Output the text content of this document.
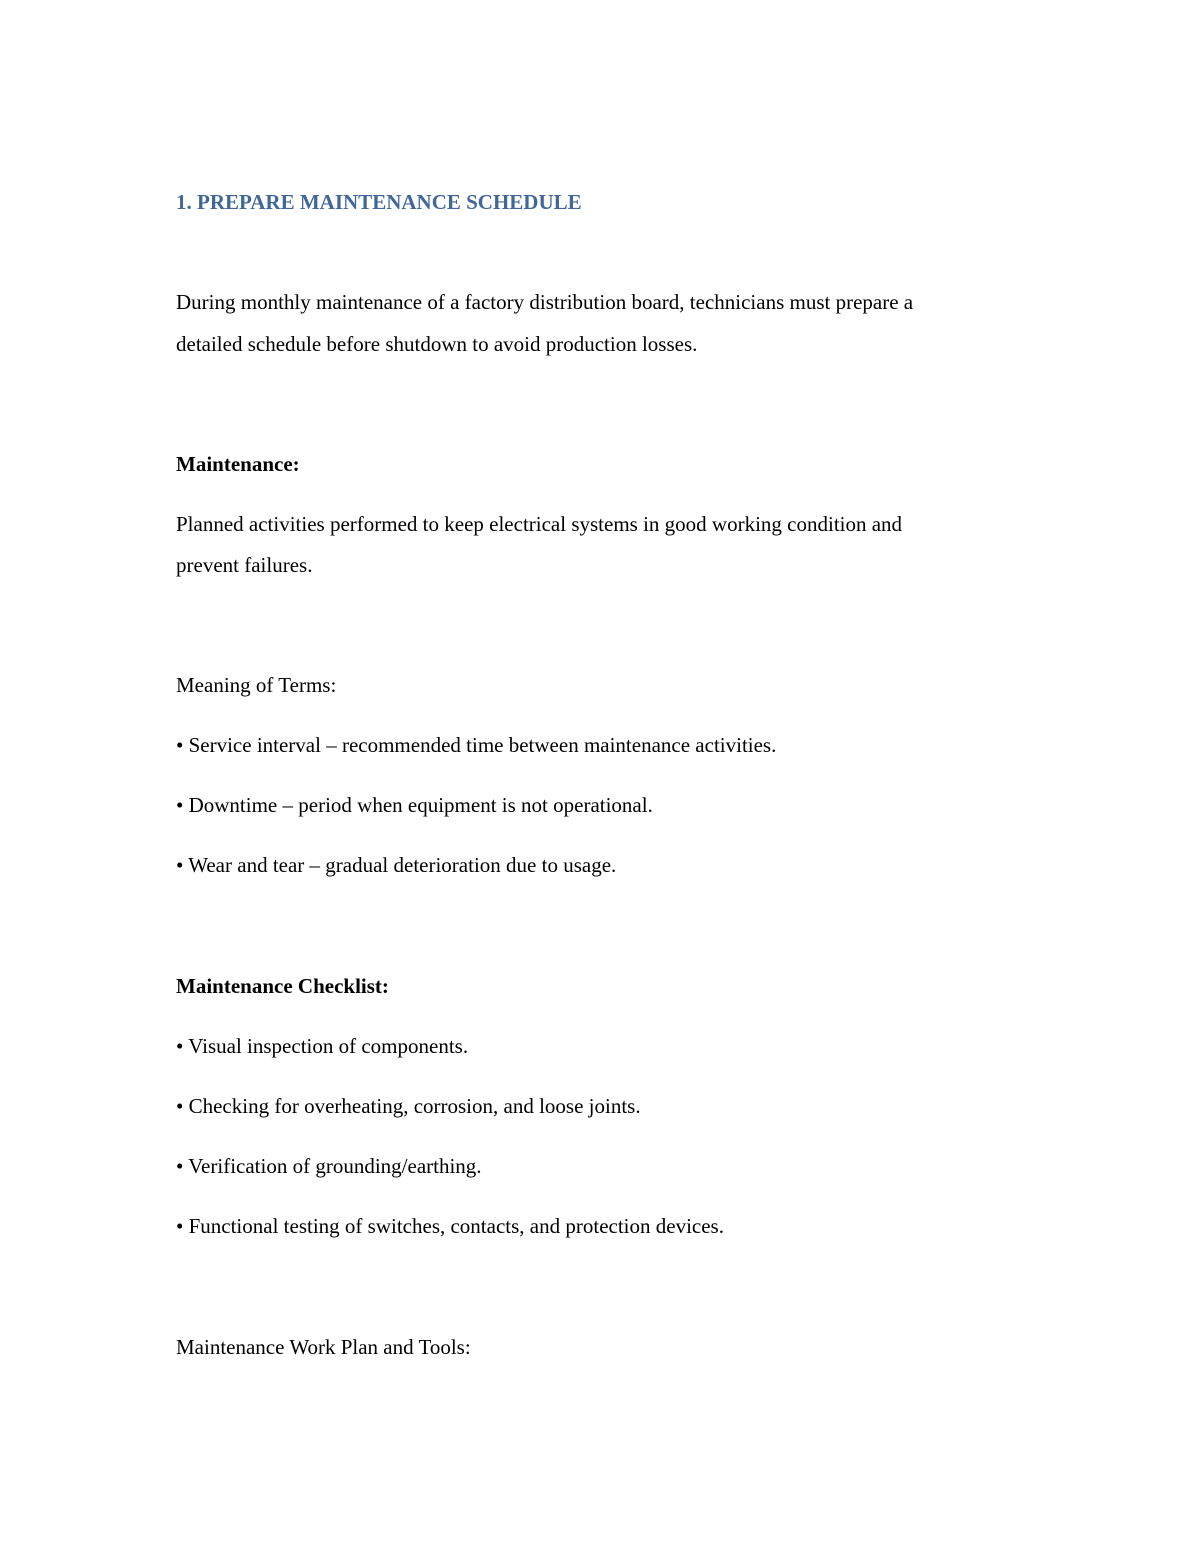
1. PREPARE MAINTENANCE SCHEDULE

During monthly maintenance of a factory distribution board, technicians must prepare a

detailed schedule before shutdown to avoid production losses.

Maintenance:

Planned activities performed to keep electrical systems in good working condition and

prevent failures.

Meaning of Terms:

• Service interval – recommended time between maintenance activities.

• Downtime – period when equipment is not operational.

• Wear and tear – gradual deterioration due to usage.

Maintenance Checklist:

• Visual inspection of components.

• Checking for overheating, corrosion, and loose joints.

• Verification of grounding/earthing.

• Functional testing of switches, contacts, and protection devices.

Maintenance Work Plan and Tools:
